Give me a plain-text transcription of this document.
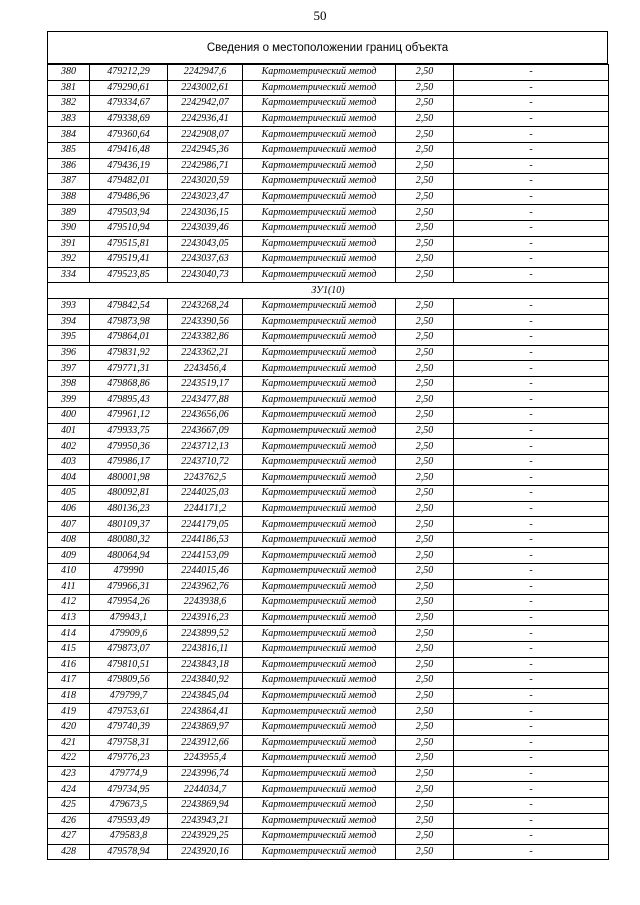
50
Сведения о местоположении границ объекта
380	479212,29	2242947,6	Картометрический метод	2,50	-
381	479290,61	2243002,61	Картометрический метод	2,50	-
382	479334,67	2242942,07	Картометрический метод	2,50	-
383	479338,69	2242936,41	Картометрический метод	2,50	-
384	479360,64	2242908,07	Картометрический метод	2,50	-
385	479416,48	2242945,36	Картометрический метод	2,50	-
386	479436,19	2242986,71	Картометрический метод	2,50	-
387	479482,01	2243020,59	Картометрический метод	2,50	-
388	479486,96	2243023,47	Картометрический метод	2,50	-
389	479503,94	2243036,15	Картометрический метод	2,50	-
390	479510,94	2243039,46	Картометрический метод	2,50	-
391	479515,81	2243043,05	Картометрический метод	2,50	-
392	479519,41	2243037,63	Картометрический метод	2,50	-
334	479523,85	2243040,73	Картометрический метод	2,50	-
ЗУ1(10)					
393	479842,54	2243268,24	Картометрический метод	2,50	-
394	479873,98	2243390,56	Картометрический метод	2,50	-
395	479864,01	2243382,86	Картометрический метод	2,50	-
396	479831,92	2243362,21	Картометрический метод	2,50	-
397	479771,31	2243456,4	Картометрический метод	2,50	-
398	479868,86	2243519,17	Картометрический метод	2,50	-
399	479895,43	2243477,88	Картометрический метод	2,50	-
400	479961,12	2243656,06	Картометрический метод	2,50	-
401	479933,75	2243667,09	Картометрический метод	2,50	-
402	479950,36	2243712,13	Картометрический метод	2,50	-
403	479986,17	2243710,72	Картометрический метод	2,50	-
404	480001,98	2243762,5	Картометрический метод	2,50	-
405	480092,81	2244025,03	Картометрический метод	2,50	-
406	480136,23	2244171,2	Картометрический метод	2,50	-
407	480109,37	2244179,05	Картометрический метод	2,50	-
408	480080,32	2244186,53	Картометрический метод	2,50	-
409	480064,94	2244153,09	Картометрический метод	2,50	-
410	479990	2244015,46	Картометрический метод	2,50	-
411	479966,31	2243962,76	Картометрический метод	2,50	-
412	479954,26	2243938,6	Картометрический метод	2,50	-
413	479943,1	2243916,23	Картометрический метод	2,50	-
414	479909,6	2243899,52	Картометрический метод	2,50	-
415	479873,07	2243816,11	Картометрический метод	2,50	-
416	479810,51	2243843,18	Картометрический метод	2,50	-
417	479809,56	2243840,92	Картометрический метод	2,50	-
418	479799,7	2243845,04	Картометрический метод	2,50	-
419	479753,61	2243864,41	Картометрический метод	2,50	-
420	479740,39	2243869,97	Картометрический метод	2,50	-
421	479758,31	2243912,66	Картометрический метод	2,50	-
422	479776,23	2243955,4	Картометрический метод	2,50	-
423	479774,9	2243996,74	Картометрический метод	2,50	-
424	479734,95	2244034,7	Картометрический метод	2,50	-
425	479673,5	2243869,94	Картометрический метод	2,50	-
426	479593,49	2243943,21	Картометрический метод	2,50	-
427	479583,8	2243929,25	Картометрический метод	2,50	-
428	479578,94	2243920,16	Картометрический метод	2,50	-
